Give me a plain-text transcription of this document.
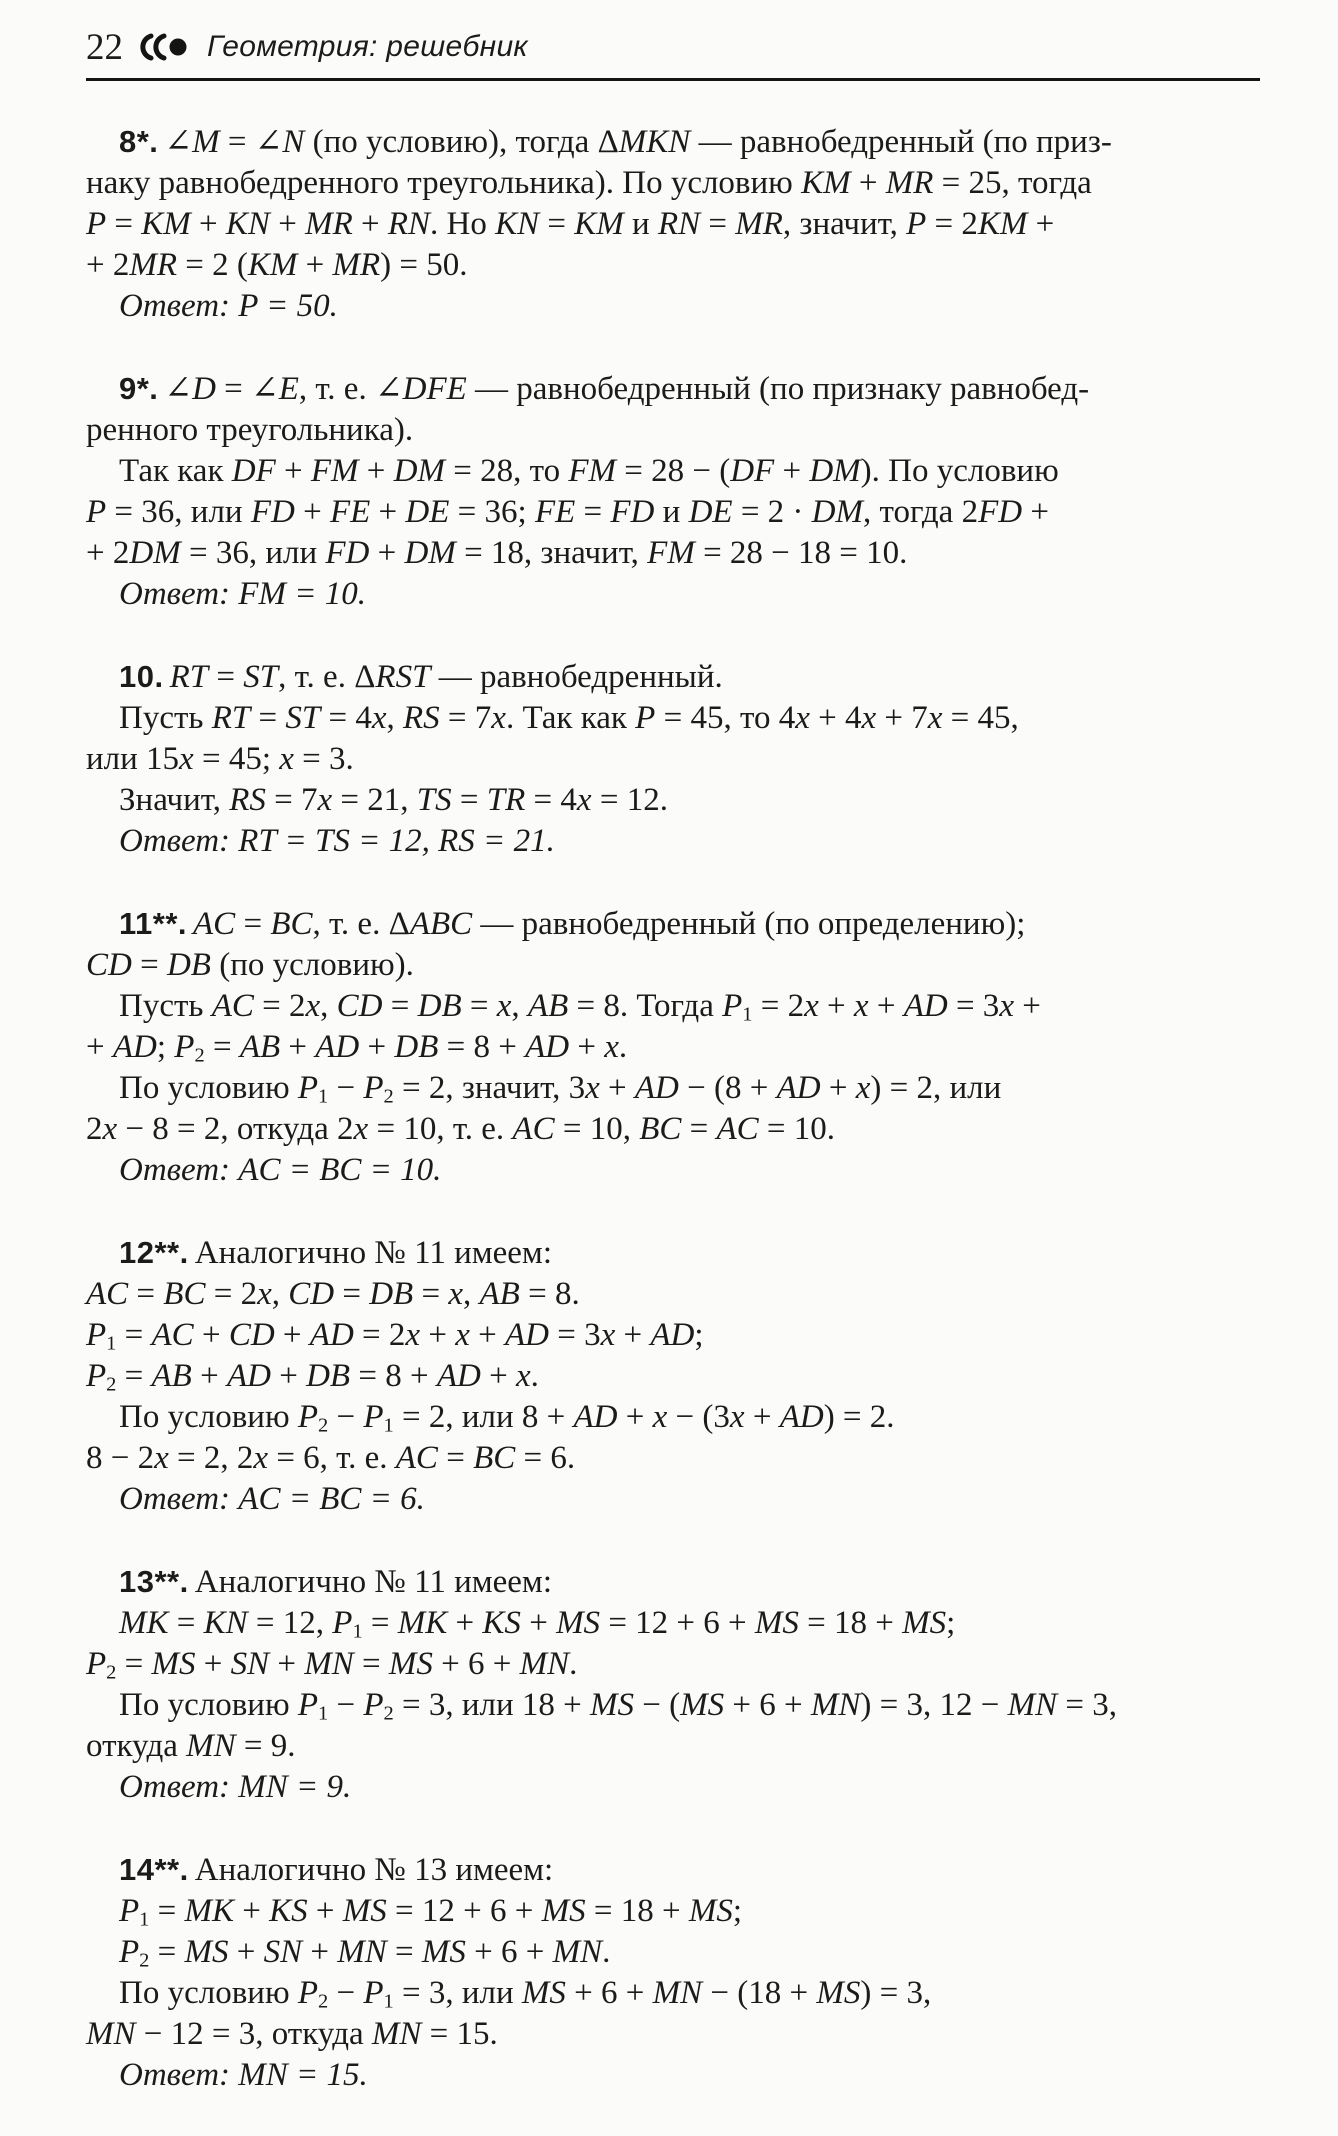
22	Геометрия: решебник
8*. ∠M = ∠N (по условию), тогда ΔMKN — равнобедренный (по приз-
наку равнобедренного треугольника). По условию KM + MR = 25, тогда
P = KM + KN + MR + RN. Но KN = KM и RN = MR, значит, P = 2KM +
+ 2MR = 2 (KM + MR) = 50.
Ответ: P = 50.
9*. ∠D = ∠E, т. е. ∠DFE — равнобедренный (по признаку равнобед-
ренного треугольника).
Так как DF + FM + DM = 28, то FM = 28 − (DF + DM). По условию
P = 36, или FD + FE + DE = 36; FE = FD и DE = 2 · DM, тогда 2FD +
+ 2DM = 36, или FD + DM = 18, значит, FM = 28 − 18 = 10.
Ответ: FM = 10.
10. RT = ST, т. е. ΔRST — равнобедренный.
Пусть RT = ST = 4x, RS = 7x. Так как P = 45, то 4x + 4x + 7x = 45,
или 15x = 45; x = 3.
Значит, RS = 7x = 21, TS = TR = 4x = 12.
Ответ: RT = TS = 12, RS = 21.
11**. AC = BC, т. е. ΔABC — равнобедренный (по определению);
CD = DB (по условию).
Пусть AC = 2x, CD = DB = x, AB = 8. Тогда $P_1 = 2x + x$ + AD = 3x +
+ AD; $P_2$ = AB + AD + DB = 8 + AD + x.
По условию $P_1 - P_2 = 2$, значит, 3x + AD − (8 + AD + x) = 2, или
2x − 8 = 2, откуда 2x = 10, т. е. AC = 10, BC = AC = 10.
Ответ: AC = BC = 10.
12**. Аналогично № 11 имеем:
AC = BC = 2x, CD = DB = x, AB = 8.
$P_1$ = AC + CD + AD = 2x + x + AD = 3x + AD;
$P_2$ = AB + AD + DB = 8 + AD + x.
По условию $P_2 - P_1 = 2$, или 8 + AD + x − (3x + AD) = 2.
8 − 2x = 2, 2x = 6, т. е. AC = BC = 6.
Ответ: AC = BC = 6.
13**. Аналогично № 11 имеем:
MK = KN = 12, $P_1$ = MK + KS + MS = 12 + 6 + MS = 18 + MS;
$P_2$ = MS + SN + MN = MS + 6 + MN.
По условию $P_1 - P_2 = 3$, или 18 + MS − (MS + 6 + MN) = 3, 12 − MN = 3,
откуда MN = 9.
Ответ: MN = 9.
14**. Аналогично № 13 имеем:
$P_1$ = MK + KS + MS = 12 + 6 + MS = 18 + MS;
$P_2$ = MS + SN + MN = MS + 6 + MN.
По условию $P_2 - P_1 = 3$, или MS + 6 + MN − (18 + MS) = 3,
MN − 12 = 3, откуда MN = 15.
Ответ: MN = 15.
